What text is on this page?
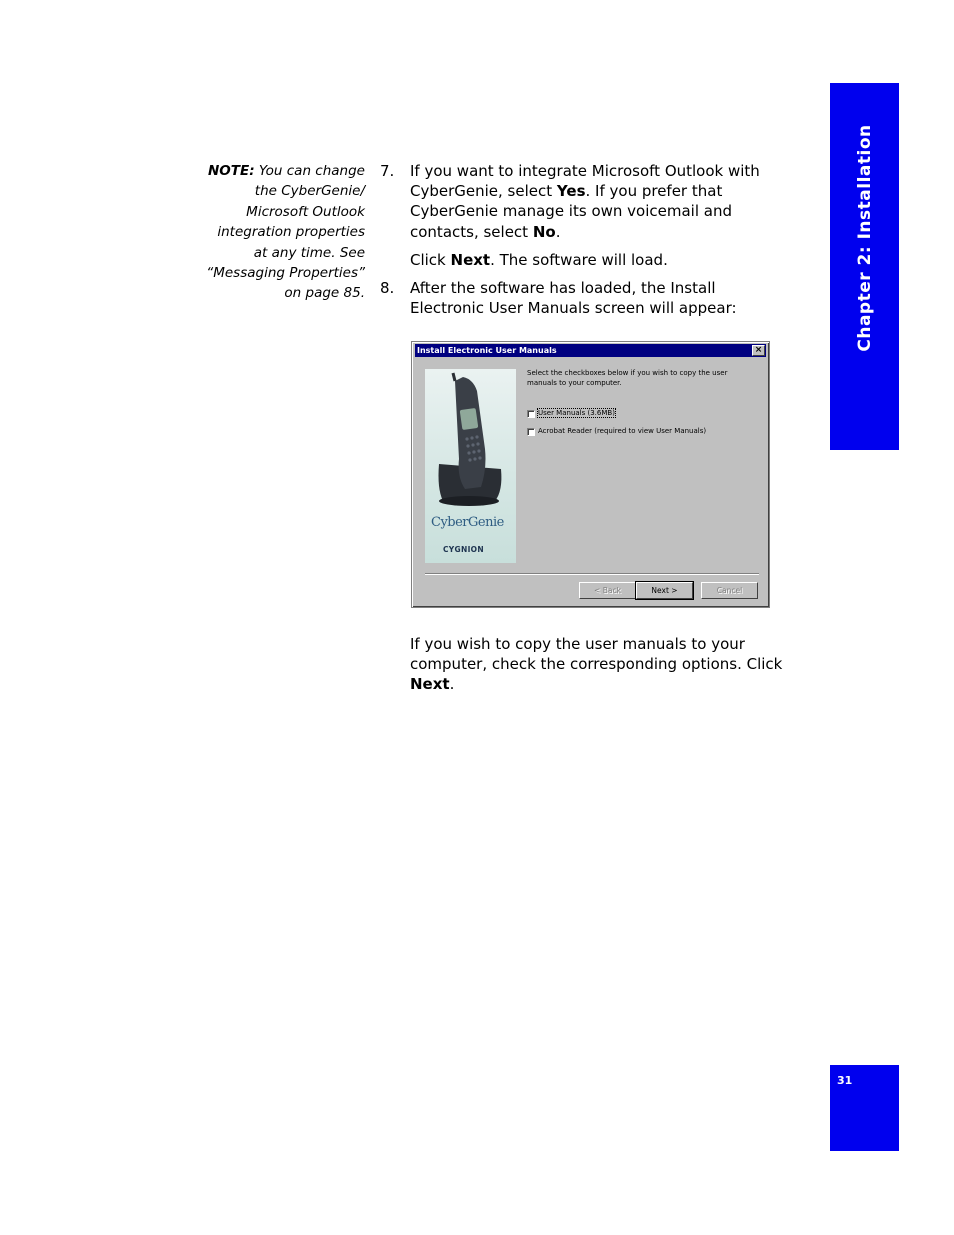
NOTE: You can change
the CyberGenie/
Microsoft Outlook
integration properties
at any time. See
“Messaging Properties”
on page 85.
7. If you want to integrate Microsoft Outlook with
CyberGenie, select Yes. If you prefer that
CyberGenie manage its own voicemail and
contacts, select No.
Click Next. The software will load.
8. After the software has loaded, the Install
Electronic User Manuals screen will appear:
Install Electronic User Manuals	×
CyberGenie
CYGNION
Select the checkboxes below if you wish to copy the user
manuals to your computer.
User Manuals (3.6MB)
Acrobat Reader (required to view User Manuals)
< Back	Next >	Cancel
If you wish to copy the user manuals to your
computer, check the corresponding options. Click
Next.
Chapter 2: Installation
31
